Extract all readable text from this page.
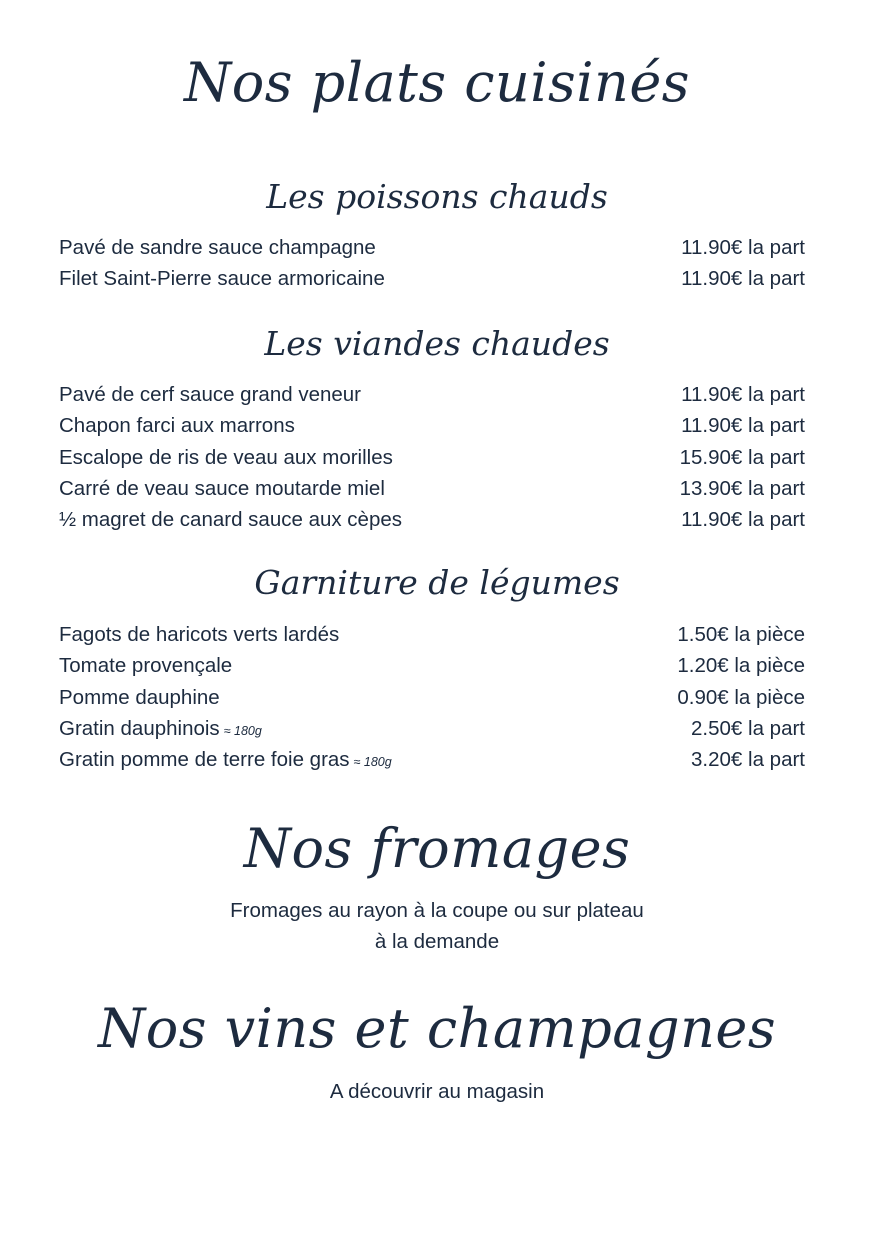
Nos plats cuisinés
Les poissons chauds
Pavé de sandre sauce champagne	11.90€ la part
Filet Saint-Pierre sauce armoricaine	11.90€ la part
Les viandes chaudes
Pavé de cerf sauce grand veneur	11.90€ la part
Chapon farci aux marrons	11.90€ la part
Escalope de ris de veau aux morilles	15.90€ la part
Carré de veau sauce moutarde miel	13.90€ la part
½ magret de canard sauce aux cèpes	11.90€ la part
Garniture de légumes
Fagots de haricots verts lardés	1.50€ la pièce
Tomate provençale	1.20€ la pièce
Pomme dauphine	0.90€ la pièce
Gratin dauphinois ≈ 180g	2.50€ la part
Gratin pomme de terre foie gras ≈ 180g	3.20€ la part
Nos fromages

Fromages au rayon à la coupe ou sur plateau

à la demande

Nos vins et champagnes

A découvrir au magasin
